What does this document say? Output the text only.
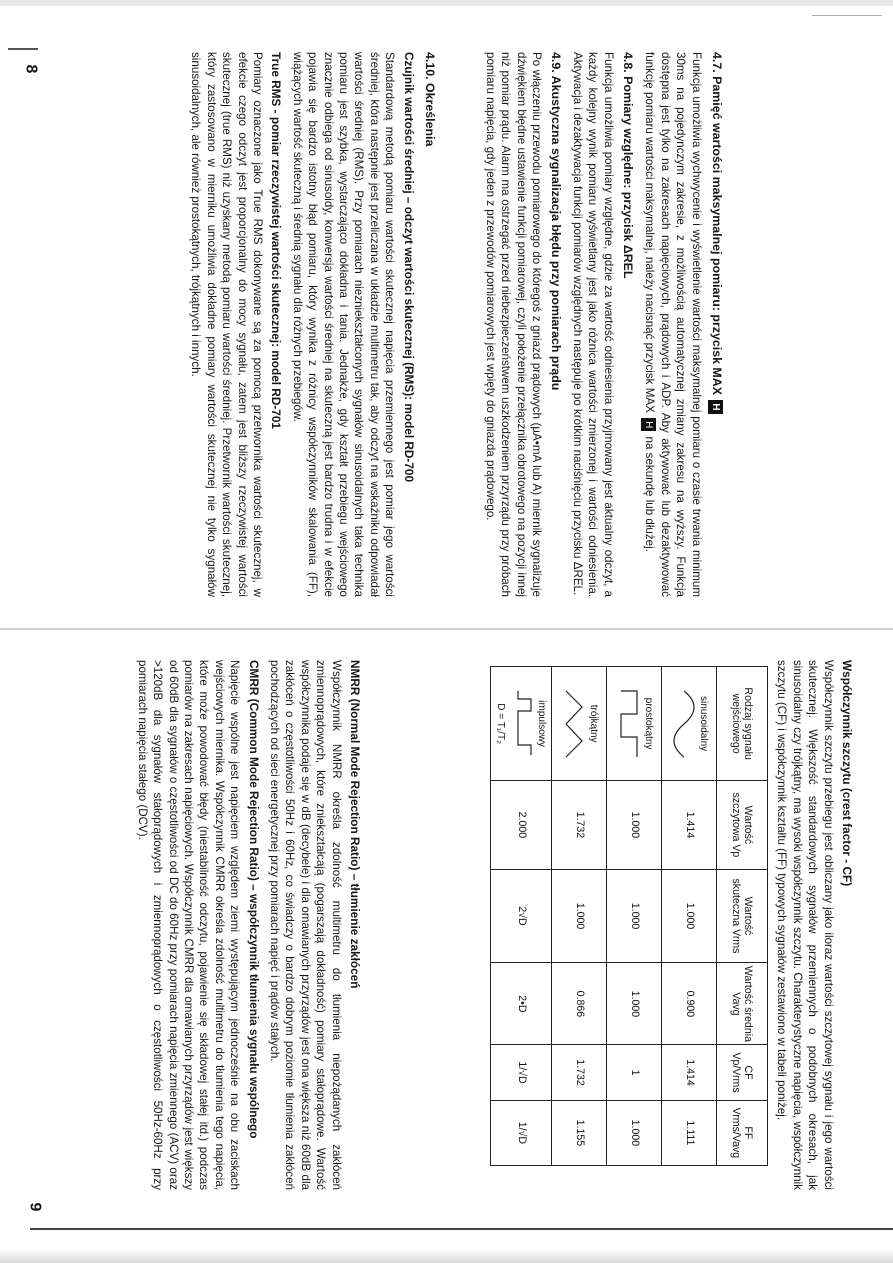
8
9
4.7. Pamięć wartości maksymalnej pomiaru: przycisk MAX H

Funkcja umożliwia wychwycenie i wyświetlenie wartości maksymalnej pomiaru o czasie trwania minimum 30ms na pojedynczym zakresie, z możliwością automatycznej zmiany zakresu na wyższy. Funkcja dostępna jest tylko na zakresach napięciowych, prądowych i ADP. Aby aktywować lub dezaktywować funkcję pomiaru wartości maksymalnej, należy nacisnąć przycisk MAX H na sekundę lub dłużej.

4.8. Pomiary względne: przycisk ΔREL

Funkcja umożliwia pomiary względne, gdzie za wartość odniesienia przyjmowany jest aktualny odczyt, a każdy kolejny wynik pomiaru wyświetlany jest jako różnica wartości zmierzonej i wartości odniesienia. Aktywacja i dezaktywacja funkcji pomiarów względnych następuje po krótkim naciśnięciu przycisku ΔREL.

4.9. Akustyczna sygnalizacja błędu przy pomiarach prądu

Po włączeniu przewodu pomiarowego do któregoś z gniazd prądowych (µA•mA lub A) miernik sygnalizuje dźwiękiem błędne ustawienie funkcji pomiarowej, czyli położenie przełącznika obrotowego na pozycji innej niż pomiar prądu. Alarm ma ostrzegać przed niebezpieczeństwem uszkodzeniem przyrządu przy próbach pomiaru napięcia, gdy jeden z przewodów pomiarowych jest wpięty do gniazda prądowego.

4.10. Określenia
Czujnik wartości średniej – odczyt wartości skutecznej (RMS): model RD-700

Standardową metodą pomiaru wartości skutecznej napięcia przemiennego jest pomiar jego wartości średniej, która następnie jest przeliczana w układzie multimetru tak, aby odczyt na wskaźniku odpowiadał wartości średniej (RMS). Przy pomiarach niezniekształconych sygnałów sinusoidalnych taka technika pomiaru jest szybka, wystarczająco dokładna i tania. Jednakże, gdy kształt przebiegu wejściowego znacznie odbiega od sinusoidy, konwersja wartości średniej na skuteczną jest bardzo trudna i w efekcie pojawia się bardzo istotny błąd pomiaru, który wynika z różnicy współczynników skalowania (FF), wiążących wartość skuteczną i średnią sygnału dla różnych przebiegów.

True RMS - pomiar rzeczywistej wartości skutecznej: model RD-701

Pomiary oznaczone jako True RMS dokonywane są za pomocą przetwornika wartości skutecznej, w efekcie czego odczyt jest proporcjonalny do mocy sygnału, zatem jest bliższy rzeczywistej wartości skutecznej (true RMS) niż uzyskany metodą pomiaru wartości średniej. Przetwornik wartości skutecznej, który zastosowano w mierniku umożliwia dokładne pomiary wartości skutecznej nie tylko sygnałów sinusoidalnych, ale również prostokątnych, trójkątnych i innych.

Współczynnik szczytu (crest factor - CF)

Współczynnik szczytu przebiegu jest obliczany jako iloraz wartości szczytowej sygnału i jego wartości skutecznej. Większość standardowych sygnałów przemiennych o podobnych okresach, jak sinusoidalny czy trójkątny, ma wysoki współczynnik szczytu. Charakterystyczne napięcia, współczynnik szczytu (CF) i współczynnik kształtu (FF) typowych sygnałów zestawiono w tabeli poniżej.

Rodzaj sygnału wejściowego	Wartość szczytowa Vp	Wartość skuteczna Vrms	Wartość średnia Vavg	CF Vp/Vrms	FF Vrms/Vavg

sinusoidalny	1.414	1.000	0.900	1.414	1.111

prostokątny	1.000	1.000	1.000	1	1.000

trójkątny	1.732	1.000	0.866	1.732	1.155

impulsowy
D = T₁/T₂	2.000	2√D	2•D	1/√D	1/√D
NMRR (Normal Mode Rejection Ratio) – tłumienie zakłóceń

Współczynnik NMRR określa zdolność multimetru do tłumienia niepożądanych zakłóceń zmiennoprądowych, które zniekształcają (pogarszają dokładność) pomiary stałoprądowe. Wartość współczynnika podaje się w dB (decybele) i dla omawianych przyrządów jest ona większa niż 60dB dla zakłóceń o częstotliwości 50Hz i 60Hz, co świadczy o bardzo dobrym poziomie tłumienia zakłóceń pochodzących od sieci energetycznej przy pomiarach napięć i prądów stałych.

CMRR (Common Mode Rejection Ratio) – współczynnik tłumienia sygnału wspólnego

Napięcie wspólne jest napięciem względem ziemi występującym jednocześnie na obu zaciskach wejściowych miernika. Współczynnik CMRR określa zdolność multimetru do tłumienia tego napięcia, które może powodować błędy (niestabilność odczytu, pojawienie się składowej stałej itd.) podczas pomiarów na zakresach napięciowych. Współczynnik CMRR dla omawianych przyrządów jest większy od 60dB dla sygnałów o częstotliwości od DC do 60Hz przy pomiarach napięcia zmiennego (ACV) oraz >120dB dla sygnałów stałoprądowych i zmiennoprądowych o częstotliwości 50Hz-60Hz przy pomiarach napięcia stałego (DCV).
